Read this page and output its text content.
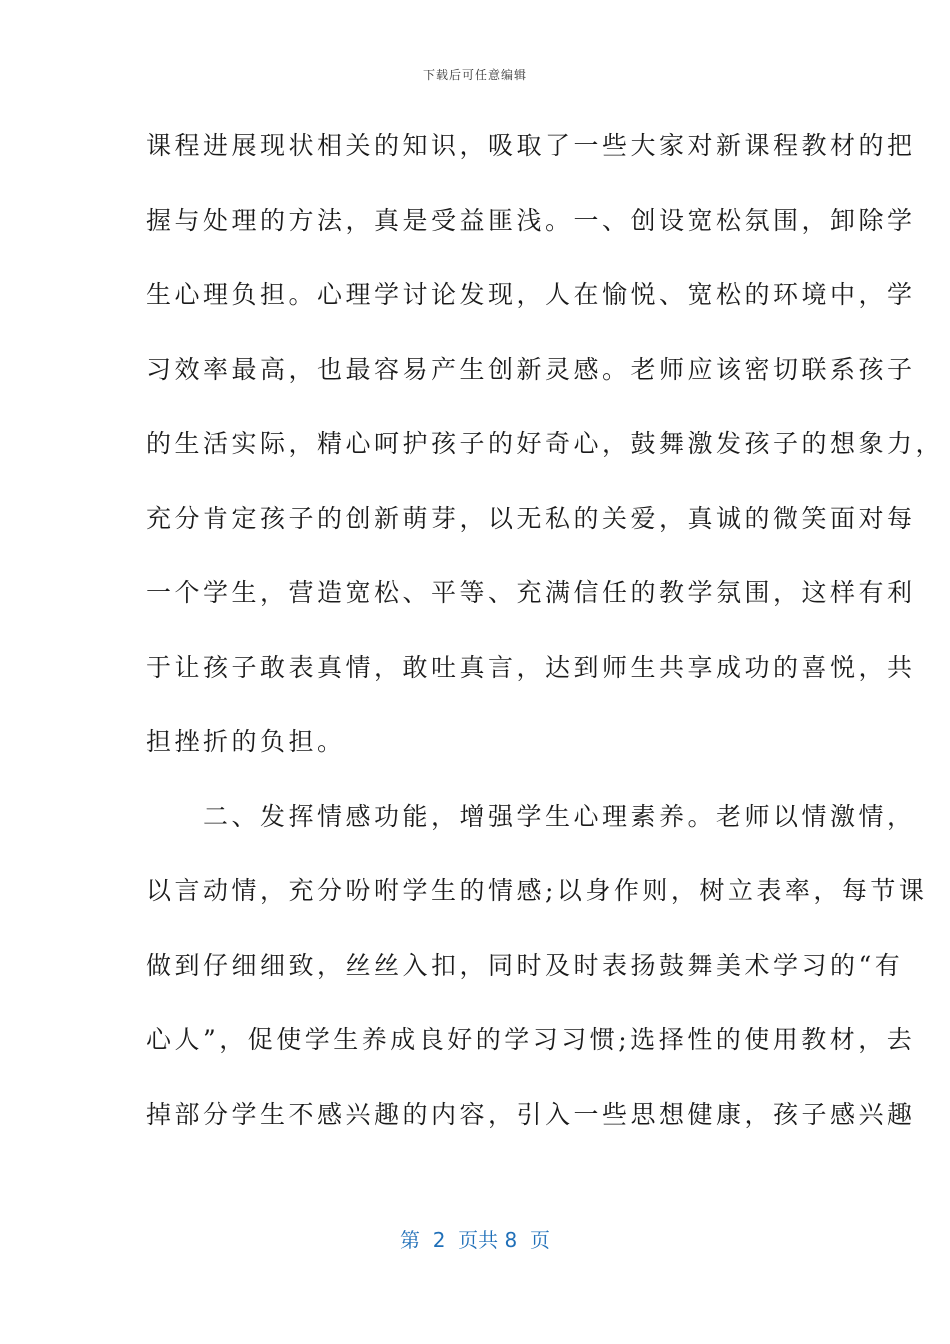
下载后可任意编辑
课程进展现状相关的知识，吸取了一些大家对新课程教材的把
握与处理的方法，真是受益匪浅。一、创设宽松氛围，卸除学
生心理负担。心理学讨论发现，人在愉悦、宽松的环境中，学
习效率最高，也最容易产生创新灵感。老师应该密切联系孩子
的生活实际，精心呵护孩子的好奇心，鼓舞激发孩子的想象力，
充分肯定孩子的创新萌芽，以无私的关爱，真诚的微笑面对每
一个学生，营造宽松、平等、充满信任的教学氛围，这样有利
于让孩子敢表真情，敢吐真言，达到师生共享成功的喜悦，共
担挫折的负担。
　　二、发挥情感功能，增强学生心理素养。老师以情激情，
以言动情，充分吩咐学生的情感;以身作则，树立表率，每节课
做到仔细细致，丝丝入扣，同时及时表扬鼓舞美术学习的“有
心人”，促使学生养成良好的学习习惯;选择性的使用教材，去
掉部分学生不感兴趣的内容，引入一些思想健康，孩子感兴趣
第  2  页共 8  页
